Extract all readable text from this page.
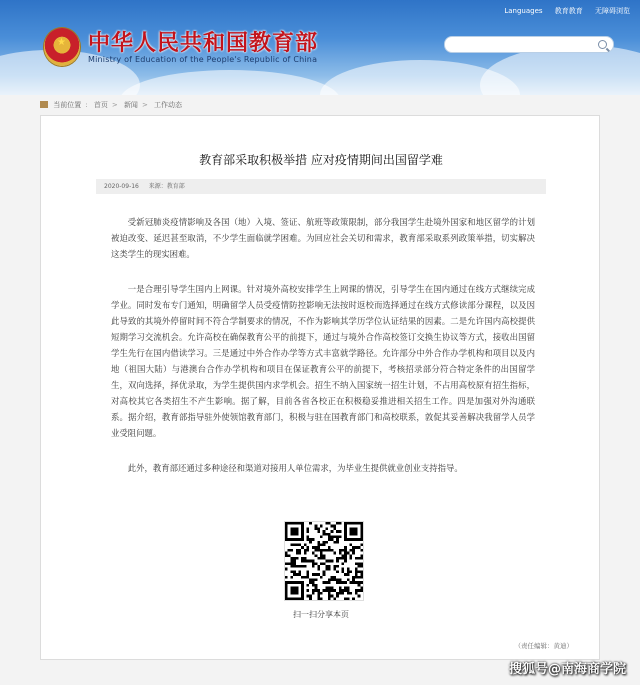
★ 中华人民共和国教育部
Ministry of Education of the People's Republic of China
Languages 教育教育 无障碍浏览
当前位置 : 首页 > 新闻 > 工作动态
教育部采取积极举措 应对疫情期间出国留学难
2020-09-16 来源：教育部

受新冠肺炎疫情影响及各国（地）入境、签证、航班等政策限制，部分我国学生赴境外国家和地区留学的计划被迫改变、延迟甚至取消，不少学生面临就学困难。为回应社会关切和需求，教育部采取系列政策举措，切实解决这类学生的现实困难。

一是合理引导学生国内上网课。针对境外高校安排学生上网课的情况，引导学生在国内通过在线方式继续完成学业。同时发布专门通知，明确留学人员受疫情防控影响无法按时返校而选择通过在线方式修读部分课程，以及因此导致的其境外停留时间不符合学制要求的情况，不作为影响其学历学位认证结果的因素。二是允许国内高校提供短期学习交流机会。允许高校在确保教育公平的前提下，通过与境外合作高校签订交换生协议等方式，接收出国留学生先行在国内借读学习。三是通过中外合作办学等方式丰富就学路径。允许部分中外合作办学机构和项目以及内地（祖国大陆）与港澳台合作办学机构和项目在保证教育公平的前提下，考核招录部分符合特定条件的出国留学生，双向选择，择优录取，为学生提供国内求学机会。招生不纳入国家统一招生计划，不占用高校原有招生指标，对高校其它各类招生不产生影响。据了解，目前各省各校正在积极稳妥推进相关招生工作。四是加强对外沟通联系。据介绍，教育部指导驻外使领馆教育部门，积极与驻在国教育部门和高校联系，敦促其妥善解决我留学人员学业受阻问题。

此外，教育部还通过多种途径和渠道对接用人单位需求，为毕业生提供就业创业支持指导。

扫一扫分享本页
（责任编辑：黄迪）
搜狐号@南海商学院
